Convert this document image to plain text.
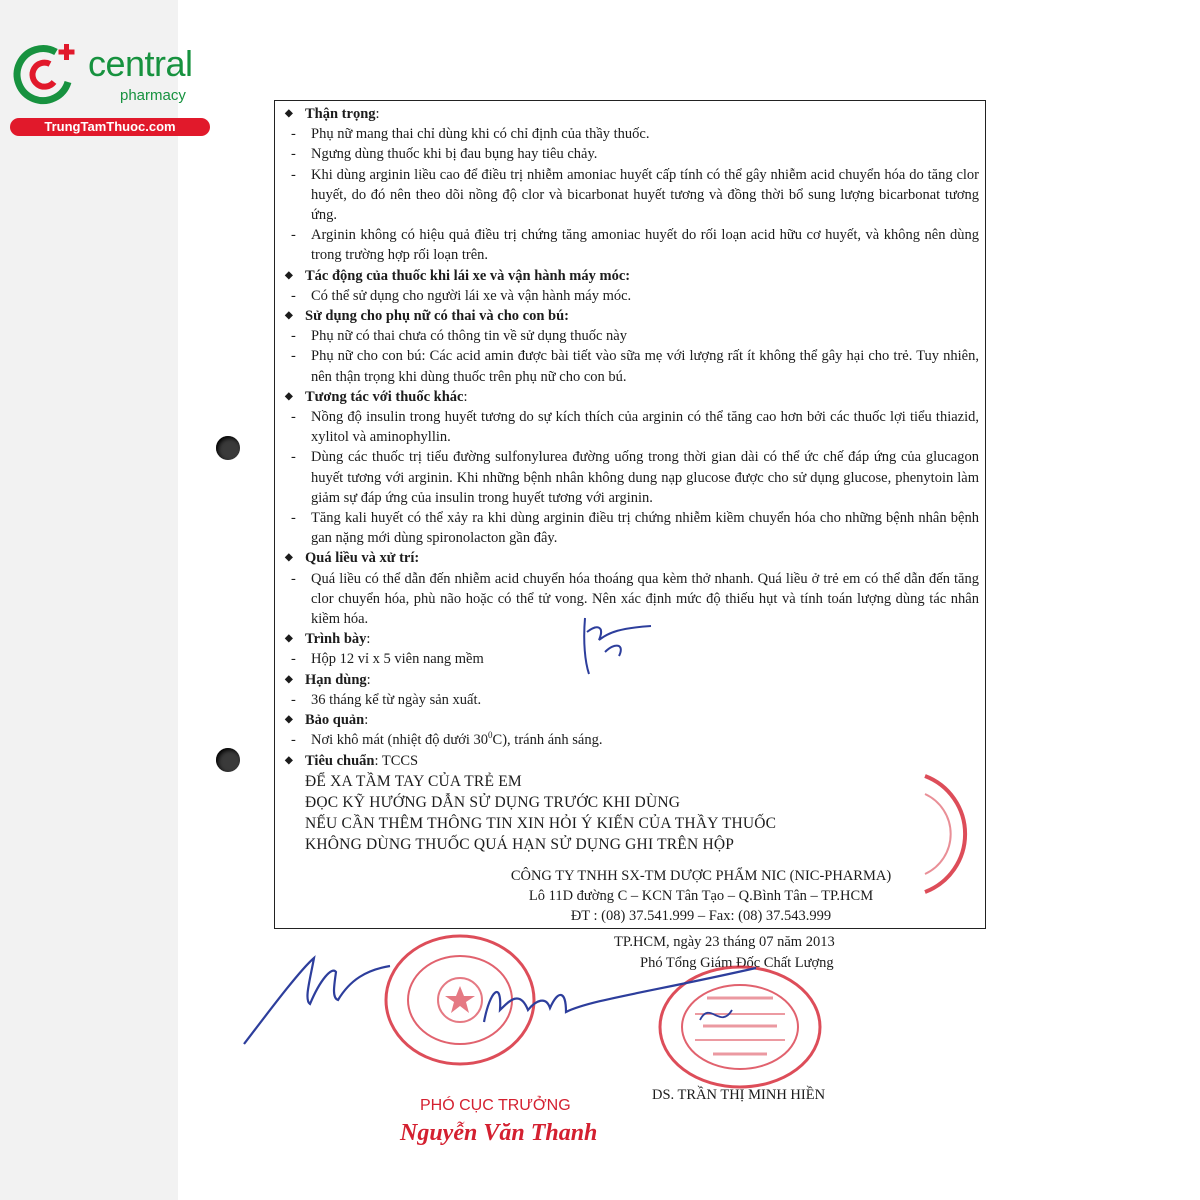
central
pharmacy
TrungTamThuoc.com
◆ Thận trọng:
- Phụ nữ mang thai chỉ dùng khi có chỉ định của thầy thuốc.
- Ngưng dùng thuốc khi bị đau bụng hay tiêu chảy.
- Khi dùng arginin liều cao để điều trị nhiễm amoniac huyết cấp tính có thể gây nhiễm acid chuyển hóa do tăng clor huyết, do đó nên theo dõi nồng độ clor và bicarbonat huyết tương và đồng thời bổ sung lượng bicarbonat tương ứng.
- Arginin không có hiệu quả điều trị chứng tăng amoniac huyết do rối loạn acid hữu cơ huyết, và không nên dùng trong trường hợp rối loạn trên.
◆ Tác động của thuốc khi lái xe và vận hành máy móc:
- Có thể sử dụng cho người lái xe và vận hành máy móc.
◆ Sử dụng cho phụ nữ có thai và cho con bú:
- Phụ nữ có thai chưa có thông tin về sử dụng thuốc này
- Phụ nữ cho con bú: Các acid amin được bài tiết vào sữa mẹ với lượng rất ít không thể gây hại cho trẻ. Tuy nhiên, nên thận trọng khi dùng thuốc trên phụ nữ cho con bú.
◆ Tương tác với thuốc khác:
- Nồng độ insulin trong huyết tương do sự kích thích của arginin có thể tăng cao hơn bởi các thuốc lợi tiểu thiazid, xylitol và aminophyllin.
- Dùng các thuốc trị tiểu đường sulfonylurea đường uống trong thời gian dài có thể ức chế đáp ứng của glucagon huyết tương với arginin. Khi những bệnh nhân không dung nạp glucose được cho sử dụng glucose, phenytoin làm giảm sự đáp ứng của insulin trong huyết tương với arginin.
- Tăng kali huyết có thể xảy ra khi dùng arginin điều trị chứng nhiễm kiềm chuyển hóa cho những bệnh nhân bệnh gan nặng mới dùng spironolacton gần đây.
◆ Quá liều và xử trí:
- Quá liều có thể dẫn đến nhiễm acid chuyển hóa thoáng qua kèm thở nhanh. Quá liều ở trẻ em có thể dẫn đến tăng clor chuyển hóa, phù não hoặc có thể tử vong. Nên xác định mức độ thiếu hụt và tính toán lượng dùng tác nhân kiềm hóa.
◆ Trình bày:
- Hộp 12 vỉ x 5 viên nang mềm
◆ Hạn dùng:
- 36 tháng kể từ ngày sản xuất.
◆ Bảo quản:
- Nơi khô mát (nhiệt độ dưới $30^0C$), tránh ánh sáng.
◆ Tiêu chuẩn: TCCS
ĐỂ XA TẦM TAY CỦA TRẺ EM
ĐỌC KỸ HƯỚNG DẪN SỬ DỤNG TRƯỚC KHI DÙNG
NẾU CẦN THÊM THÔNG TIN XIN HỎI Ý KIẾN CỦA THẦY THUỐC
KHÔNG DÙNG THUỐC QUÁ HẠN SỬ DỤNG GHI TRÊN HỘP
CÔNG TY TNHH SX-TM DƯỢC PHẨM NIC (NIC-PHARMA)
Lô 11D đường C – KCN Tân Tạo – Q.Bình Tân – TP.HCM
ĐT : (08) 37.541.999 – Fax: (08) 37.543.999
TP.HCM, ngày 23 tháng 07 năm 2013
Phó Tổng Giám Đốc Chất Lượng
DS. TRẦN THỊ MINH HIỀN
PHÓ CỤC TRƯỞNG
Nguyễn Văn Thanh
